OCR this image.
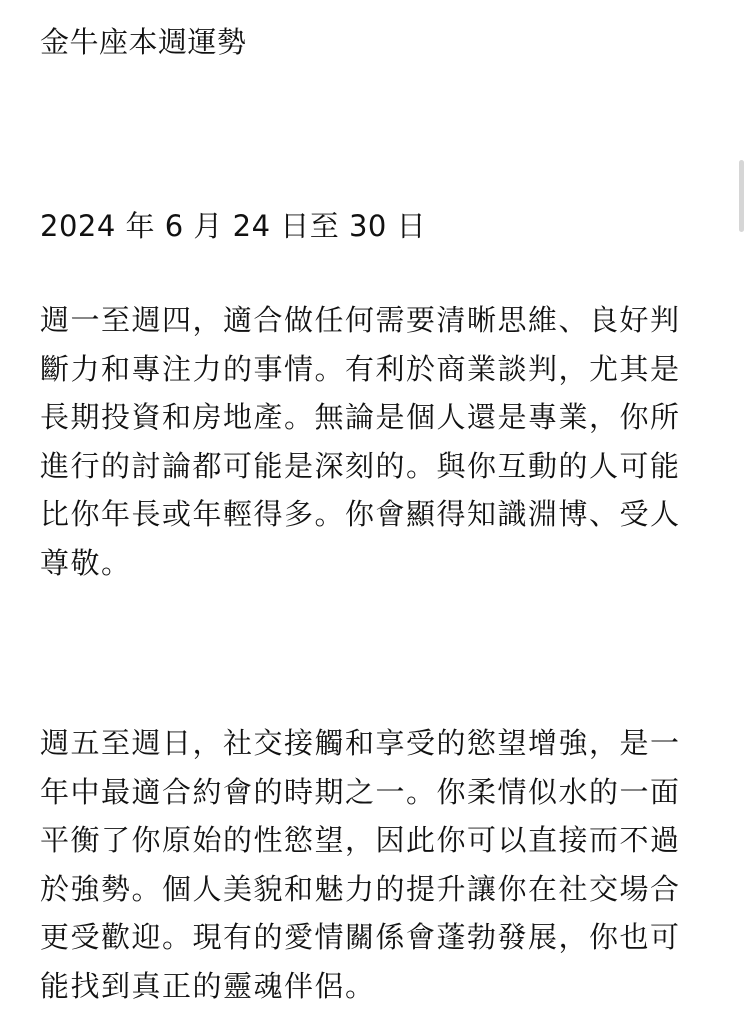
金牛座本週運勢
2024 年 6 月 24 日至 30 日
週一至週四，適合做任何需要清晰思維、良好判斷力和專注力的事情。有利於商業談判，尤其是長期投資和房地產。無論是個人還是專業，你所進行的討論都可能是深刻的。與你互動的人可能比你年長或年輕得多。你會顯得知識淵博、受人尊敬。
週五至週日，社交接觸和享受的慾望增強，是一年中最適合約會的時期之一。你柔情似水的一面平衡了你原始的性慾望，因此你可以直接而不過於強勢。個人美貌和魅力的提升讓你在社交場合更受歡迎。現有的愛情關係會蓬勃發展，你也可能找到真正的靈魂伴侶。
